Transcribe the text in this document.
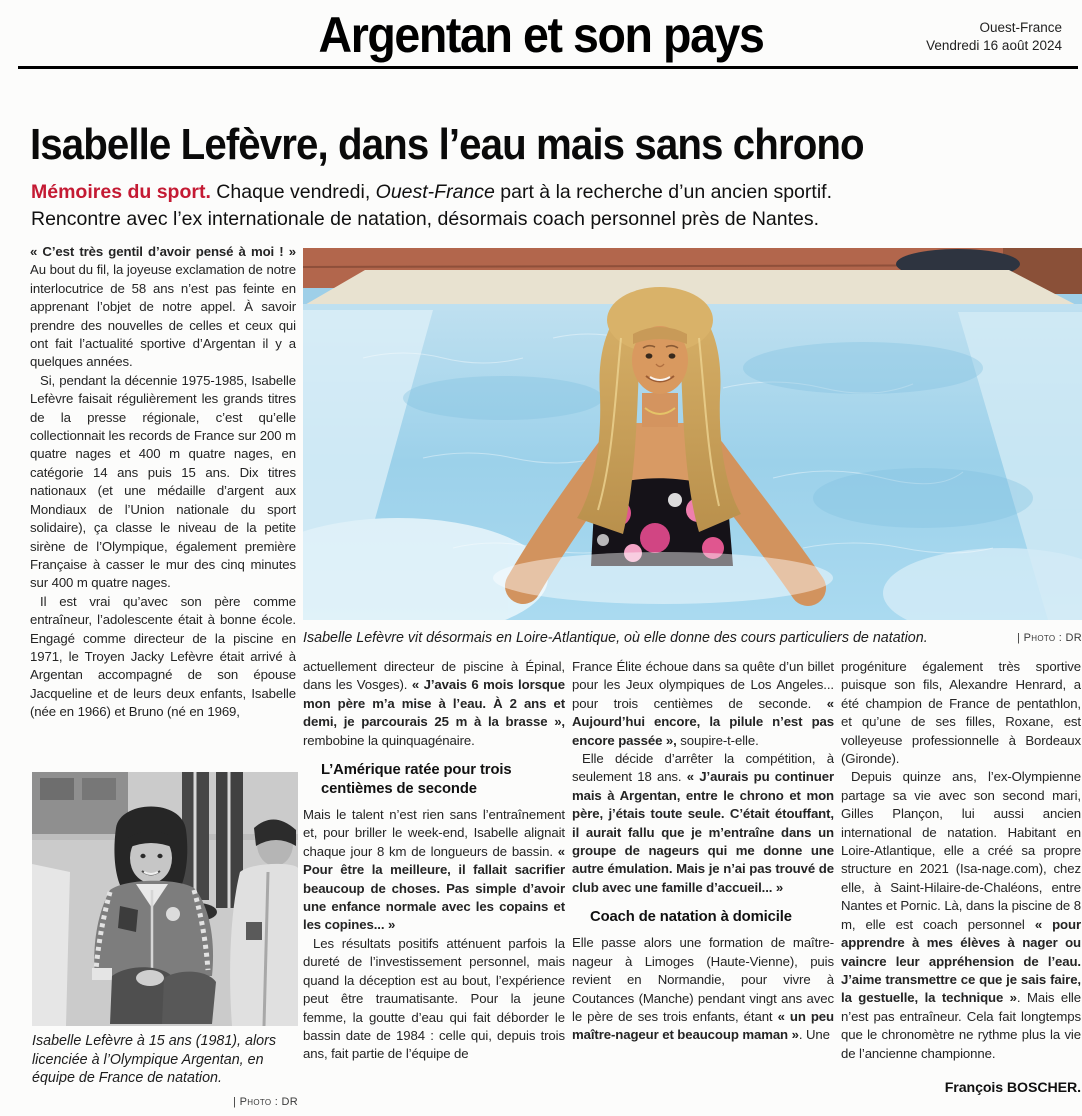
Argentan et son pays	Ouest-France
Vendredi 16 août 2024
Isabelle Lefèvre, dans l’eau mais sans chrono
Mémoires du sport. Chaque vendredi, Ouest-France part à la recherche d’un ancien sportif.
Rencontre avec l’ex internationale de natation, désormais coach personnel près de Nantes.
Isabelle Lefèvre vit désormais en Loire-Atlantique, où elle donne des cours particuliers de natation.	| Photo : DR
Isabelle Lefèvre à 15 ans (1981), alors licenciée à l’Olympique Argentan, en équipe de France de natation.
| Photo : DR

« C’est très gentil d’avoir pensé à moi ! » Au bout du fil, la joyeuse exclamation de notre interlocutrice de 58 ans n’est pas feinte en apprenant l’objet de notre appel. À savoir prendre des nouvelles de celles et ceux qui ont fait l’actualité sportive d’Argentan il y a quelques années.

Si, pendant la décennie 1975-1985, Isabelle Lefèvre faisait régulièrement les grands titres de la presse régionale, c’est qu’elle collectionnait les records de France sur 200 m quatre nages et 400 m quatre nages, en catégorie 14 ans puis 15 ans. Dix titres nationaux (et une médaille d’argent aux Mondiaux de l’Union nationale du sport solidaire), ça classe le niveau de la petite sirène de l’Olympique, également première Française à casser le mur des cinq minutes sur 400 m quatre nages.

Il est vrai qu’avec son père comme entraîneur, l’adolescente était à bonne école. Engagé comme directeur de la piscine en 1971, le Troyen Jacky Lefèvre était arrivé à Argentan accompagné de son épouse Jacqueline et de leurs deux enfants, Isabelle (née en 1966) et Bruno (né en 1969,

actuellement directeur de piscine à Épinal, dans les Vosges). « J’avais 6 mois lorsque mon père m’a mise à l’eau. À 2 ans et demi, je parcourais 25 m à la brasse », rembobine la quinquagénaire.

L’Amérique ratée pour trois centièmes de seconde

Mais le talent n’est rien sans l’entraînement et, pour briller le week-end, Isabelle alignait chaque jour 8 km de longueurs de bassin. « Pour être la meilleure, il fallait sacrifier beaucoup de choses. Pas simple d’avoir une enfance normale avec les copains et les copines... »

Les résultats positifs atténuent parfois la dureté de l’investissement personnel, mais quand la déception est au bout, l’expérience peut être traumatisante. Pour la jeune femme, la goutte d’eau qui fait déborder le bassin date de 1984 : celle qui, depuis trois ans, fait partie de l’équipe de

France Élite échoue dans sa quête d’un billet pour les Jeux olympiques de Los Angeles... pour trois centièmes de seconde. « Aujourd’hui encore, la pilule n’est pas encore passée », soupire-t-elle.

Elle décide d’arrêter la compétition, à seulement 18 ans. « J’aurais pu continuer mais à Argentan, entre le chrono et mon père, j’étais toute seule. C’était étouffant, il aurait fallu que je m’entraîne dans un groupe de nageurs qui me donne une autre émulation. Mais je n’ai pas trouvé de club avec une famille d’accueil... »

Coach de natation à domicile

Elle passe alors une formation de maître-nageur à Limoges (Haute-Vienne), puis revient en Normandie, pour vivre à Coutances (Manche) pendant vingt ans avec le père de ses trois enfants, étant « un peu maître-nageur et beaucoup maman ». Une

progéniture également très sportive puisque son fils, Alexandre Henrard, a été champion de France de pentathlon, et qu’une de ses filles, Roxane, est volleyeuse professionnelle à Bordeaux (Gironde).

Depuis quinze ans, l’ex-Olympienne partage sa vie avec son second mari, Gilles Plançon, lui aussi ancien international de natation. Habitant en Loire-Atlantique, elle a créé sa propre structure en 2021 (Isa-nage.com), chez elle, à Saint-Hilaire-de-Chaléons, entre Nantes et Pornic. Là, dans la piscine de 8 m, elle est coach personnel « pour apprendre à mes élèves à nager ou vaincre leur appréhension de l’eau. J’aime transmettre ce que je sais faire, la gestuelle, la technique ». Mais elle n’est pas entraîneur. Cela fait longtemps que le chronomètre ne rythme plus la vie de l’ancienne championne.

François BOSCHER.
